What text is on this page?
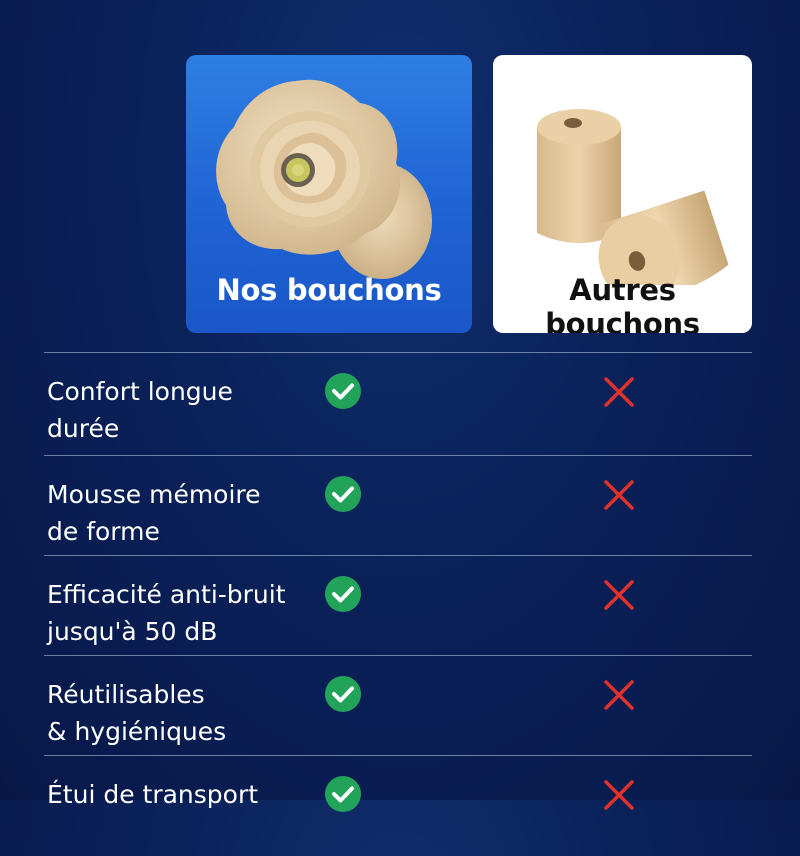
Nos bouchons	Autres bouchons
Confort longue
durée
Mousse mémoire
de forme
Efficacité anti-bruit
jusqu'à 50 dB
Réutilisables
& hygiéniques
Étui de transport
